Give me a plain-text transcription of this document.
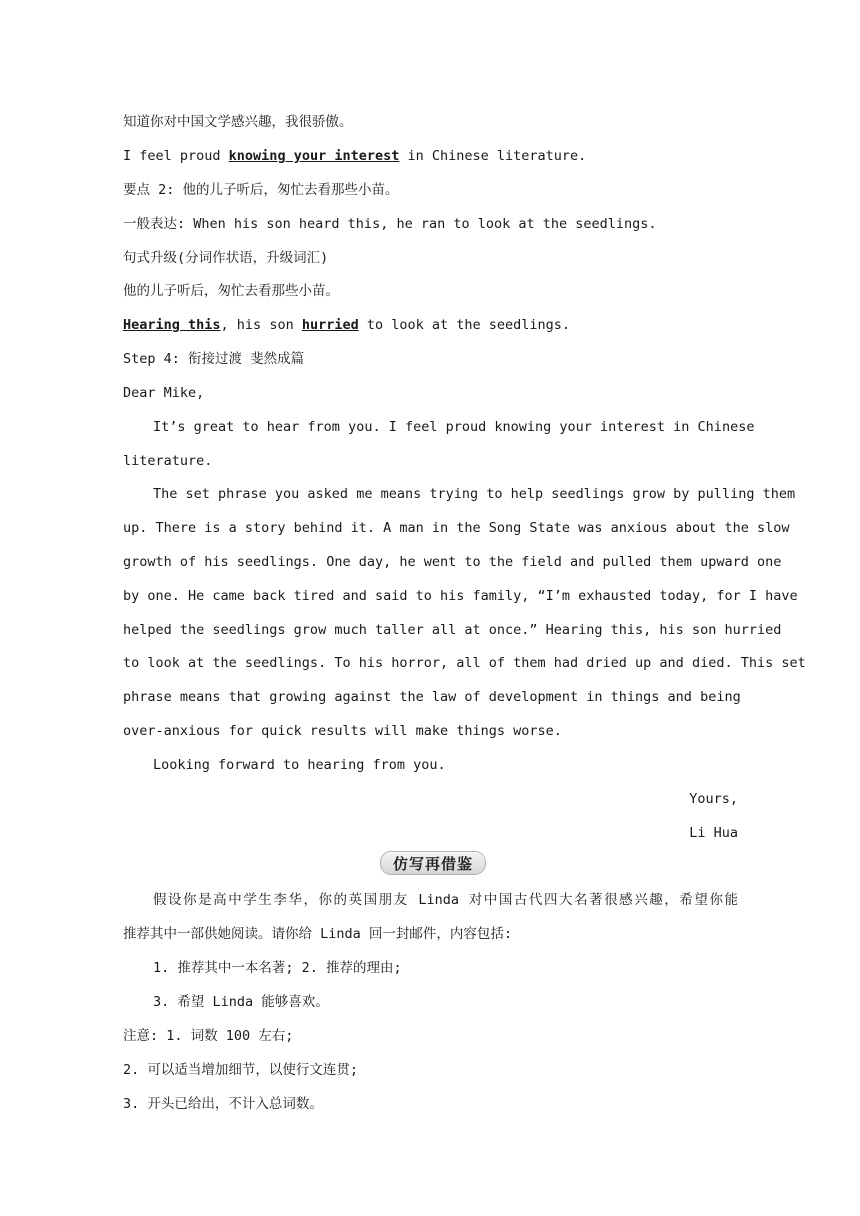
知道你对中国文学感兴趣，我很骄傲。
I feel proud knowing your interest in Chinese literature.
要点 2: 他的儿子听后，匆忙去看那些小苗。
一般表达: When his son heard this, he ran to look at the seedlings.
句式升级(分词作状语，升级词汇)
他的儿子听后，匆忙去看那些小苗。
Hearing this, his son hurried to look at the seedlings.
Step 4: 衔接过渡 斐然成篇
Dear Mike,
It’s great to hear from you. I feel proud knowing your interest in Chinese
literature.
The set phrase you asked me means trying to help seedlings grow by pulling them
up. There is a story behind it. A man in the Song State was anxious about the slow
growth of his seedlings. One day, he went to the field and pulled them upward one
by one. He came back tired and said to his family, “I’m exhausted today, for I have
helped the seedlings grow much taller all at once.” Hearing this, his son hurried
to look at the seedlings. To his horror, all of them had dried up and died. This set
phrase means that growing against the law of development in things and being
over-anxious for quick results will make things worse.
Looking forward to hearing from you.
Yours,
Li Hua
仿写再借鉴
假设你是高中学生李华，你的英国朋友 Linda 对中国古代四大名著很感兴趣，希望你能
推荐其中一部供她阅读。请你给 Linda 回一封邮件，内容包括:
1. 推荐其中一本名著; 2. 推荐的理由;
3. 希望 Linda 能够喜欢。
注意: 1. 词数 100 左右;
2. 可以适当增加细节，以使行文连贯;
3. 开头已给出，不计入总词数。
